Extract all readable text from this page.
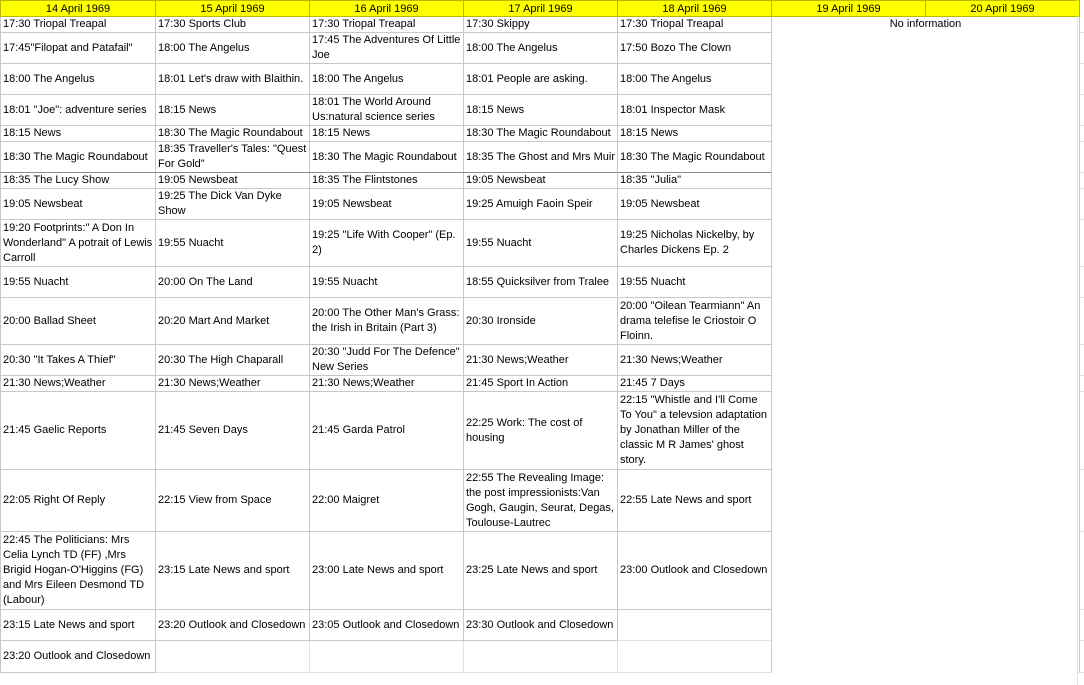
14 April 1969	15 April 1969	16 April 1969	17 April 1969	18 April 1969	19 April 1969	20 April 1969
17:30 Triopal Treapal	17:30 Sports Club	17:30 Triopal Treapal	17:30 Skippy	17:30 Triopal Treapal	No information	
17:45"Filopat and Patafail"	18:00 The Angelus	17:45 The Adventures Of Little Joe	18:00 The Angelus	17:50 Bozo The Clown		
18:00 The Angelus	18:01 Let's draw with Blaithin.	18:00 The Angelus	18:01 People are asking.	18:00 The Angelus		
18:01 "Joe": adventure series	18:15 News	18:01 The World Around Us:natural science series	18:15 News	18:01 Inspector Mask		
18:15 News	18:30 The Magic Roundabout	18:15 News	18:30 The Magic Roundabout	18:15 News		
18:30 The Magic Roundabout	18:35 Traveller's Tales: "Quest For Gold"	18:30 The Magic Roundabout	18:35 The Ghost and Mrs Muir	18:30 The Magic Roundabout		
18:35 The Lucy Show	19:05 Newsbeat	18:35 The Flintstones	19:05 Newsbeat	18:35 "Julia"		
19:05 Newsbeat	19:25 The Dick Van Dyke Show	19:05 Newsbeat	19:25 Amuigh Faoin Speir	19:05 Newsbeat		
19:20 Footprints:" A Don In Wonderland" A potrait of Lewis Carroll	19:55 Nuacht	19:25 "Life With Cooper" (Ep. 2)	19:55 Nuacht	19:25 Nicholas Nickelby, by Charles Dickens Ep. 2		
19:55 Nuacht	20:00 On The Land	19:55 Nuacht	18:55 Quicksilver from Tralee	19:55 Nuacht		
20:00 Ballad Sheet	20:20 Mart And Market	20:00 The Other Man's Grass: the Irish in Britain (Part 3)	20:30 Ironside	20:00 "Oilean Tearmiann" An drama telefise le Criostoir O Floinn.		
20:30 "It Takes A Thief"	20:30 The High Chaparall	20:30 "Judd For The Defence" New Series	21:30 News;Weather	21:30 News;Weather		
21:30 News;Weather	21:30 News;Weather	21:30 News;Weather	21:45 Sport In Action	21:45 7 Days		
21:45 Gaelic Reports	21:45 Seven Days	21:45 Garda Patrol	22:25 Work: The cost of housing	22:15 "Whistle and I'll Come To You" a televsion adaptation by Jonathan Miller of the classic M R James' ghost story.		
22:05 Right Of Reply	22:15 View from Space	22:00 Maigret	22:55 The Revealing Image: the post impressionists:Van Gogh, Gaugin, Seurat, Degas, Toulouse-Lautrec	22:55 Late News and sport		
22:45 The Politicians: Mrs Celia Lynch TD (FF) ,Mrs Brigid Hogan-O'Higgins (FG) and Mrs Eileen Desmond TD (Labour)	23:15 Late News and sport	23:00 Late News and sport	23:25 Late News and sport	23:00 Outlook and Closedown		
23:15 Late News and sport	23:20 Outlook and Closedown	23:05 Outlook and Closedown	23:30 Outlook and Closedown			
23:20 Outlook and Closedown						
